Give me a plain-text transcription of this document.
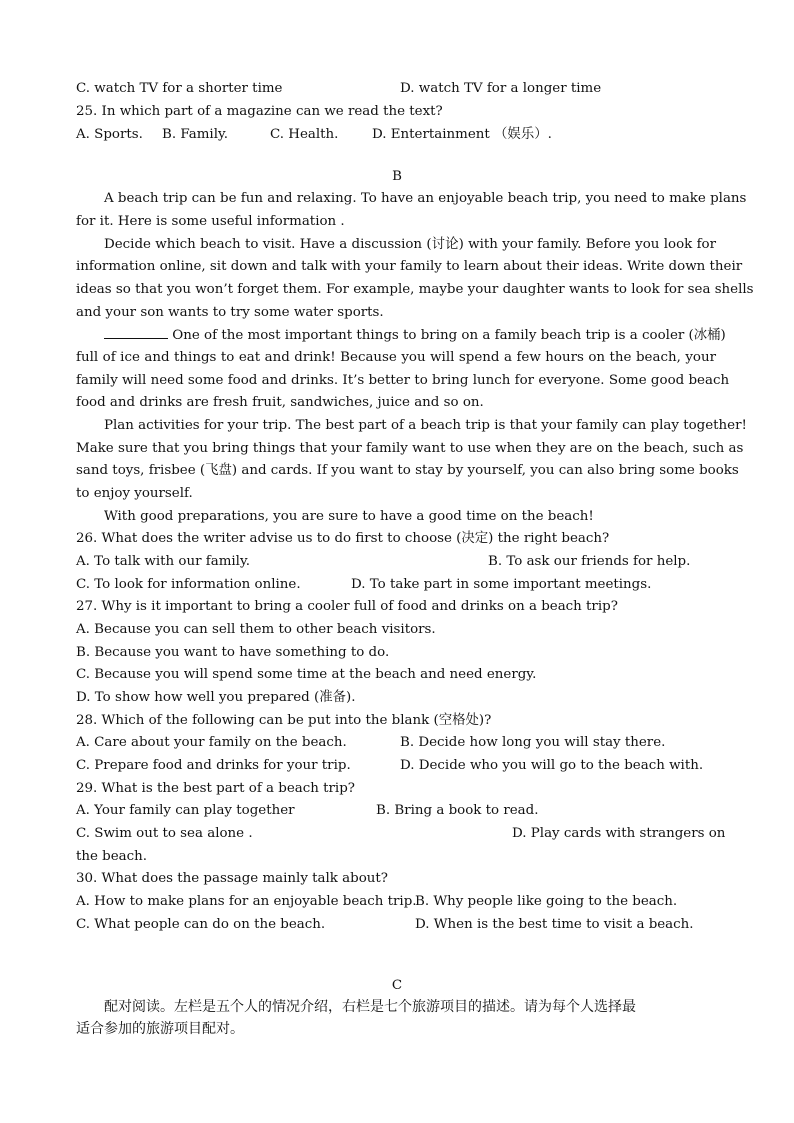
C. watch TV for a shorter time	D. watch TV for a longer time
25. In which part of a magazine can we read the text?
A. Sports. B. Family.	C. Health.	D. Entertainment （娱乐）.
B
A beach trip can be fun and relaxing. To have an enjoyable beach trip, you need to make plans
for it. Here is some useful information .
Decide which beach to visit. Have a discussion (讨论) with your family. Before you look for
information online, sit down and talk with your family to learn about their ideas. Write down their
ideas so that you won’t forget them. For example, maybe your daughter wants to look for sea shells
and your son wants to try some water sports.
One of the most important things to bring on a family beach trip is a cooler (冰桶)
full of ice and things to eat and drink! Because you will spend a few hours on the beach, your
family will need some food and drinks. It’s better to bring lunch for everyone. Some good beach
food and drinks are fresh fruit, sandwiches, juice and so on.
Plan activities for your trip. The best part of a beach trip is that your family can play together!
Make sure that you bring things that your family want to use when they are on the beach, such as
sand toys, frisbee (飞盘) and cards. If you want to stay by yourself, you can also bring some books
to enjoy yourself.
With good preparations, you are sure to have a good time on the beach!
26. What does the writer advise us to do first to choose (决定) the right beach?
A. To talk with our family.	B. To ask our friends for help.
C. To look for information online.	D. To take part in some important meetings.
27. Why is it important to bring a cooler full of food and drinks on a beach trip?
A. Because you can sell them to other beach visitors.
B. Because you want to have something to do.
C. Because you will spend some time at the beach and need energy.
D. To show how well you prepared (准备).
28. Which of the following can be put into the blank (空格处)?
A. Care about your family on the beach.	B. Decide how long you will stay there.
C. Prepare food and drinks for your trip.	D. Decide who you will go to the beach with.
29. What is the best part of a beach trip?
A. Your family can play together	B. Bring a book to read.
C. Swim out to sea alone .	D. Play cards with strangers on
the beach.
30. What does the passage mainly talk about?
A. How to make plans for an enjoyable beach trip.
B. Why people like going to the beach.
C. What people can do on the beach.	D. When is the best time to visit a beach.
C
配对阅读。左栏是五个人的情况介绍，右栏是七个旅游项目的描述。请为每个人选择最
适合参加的旅游项目配对。
